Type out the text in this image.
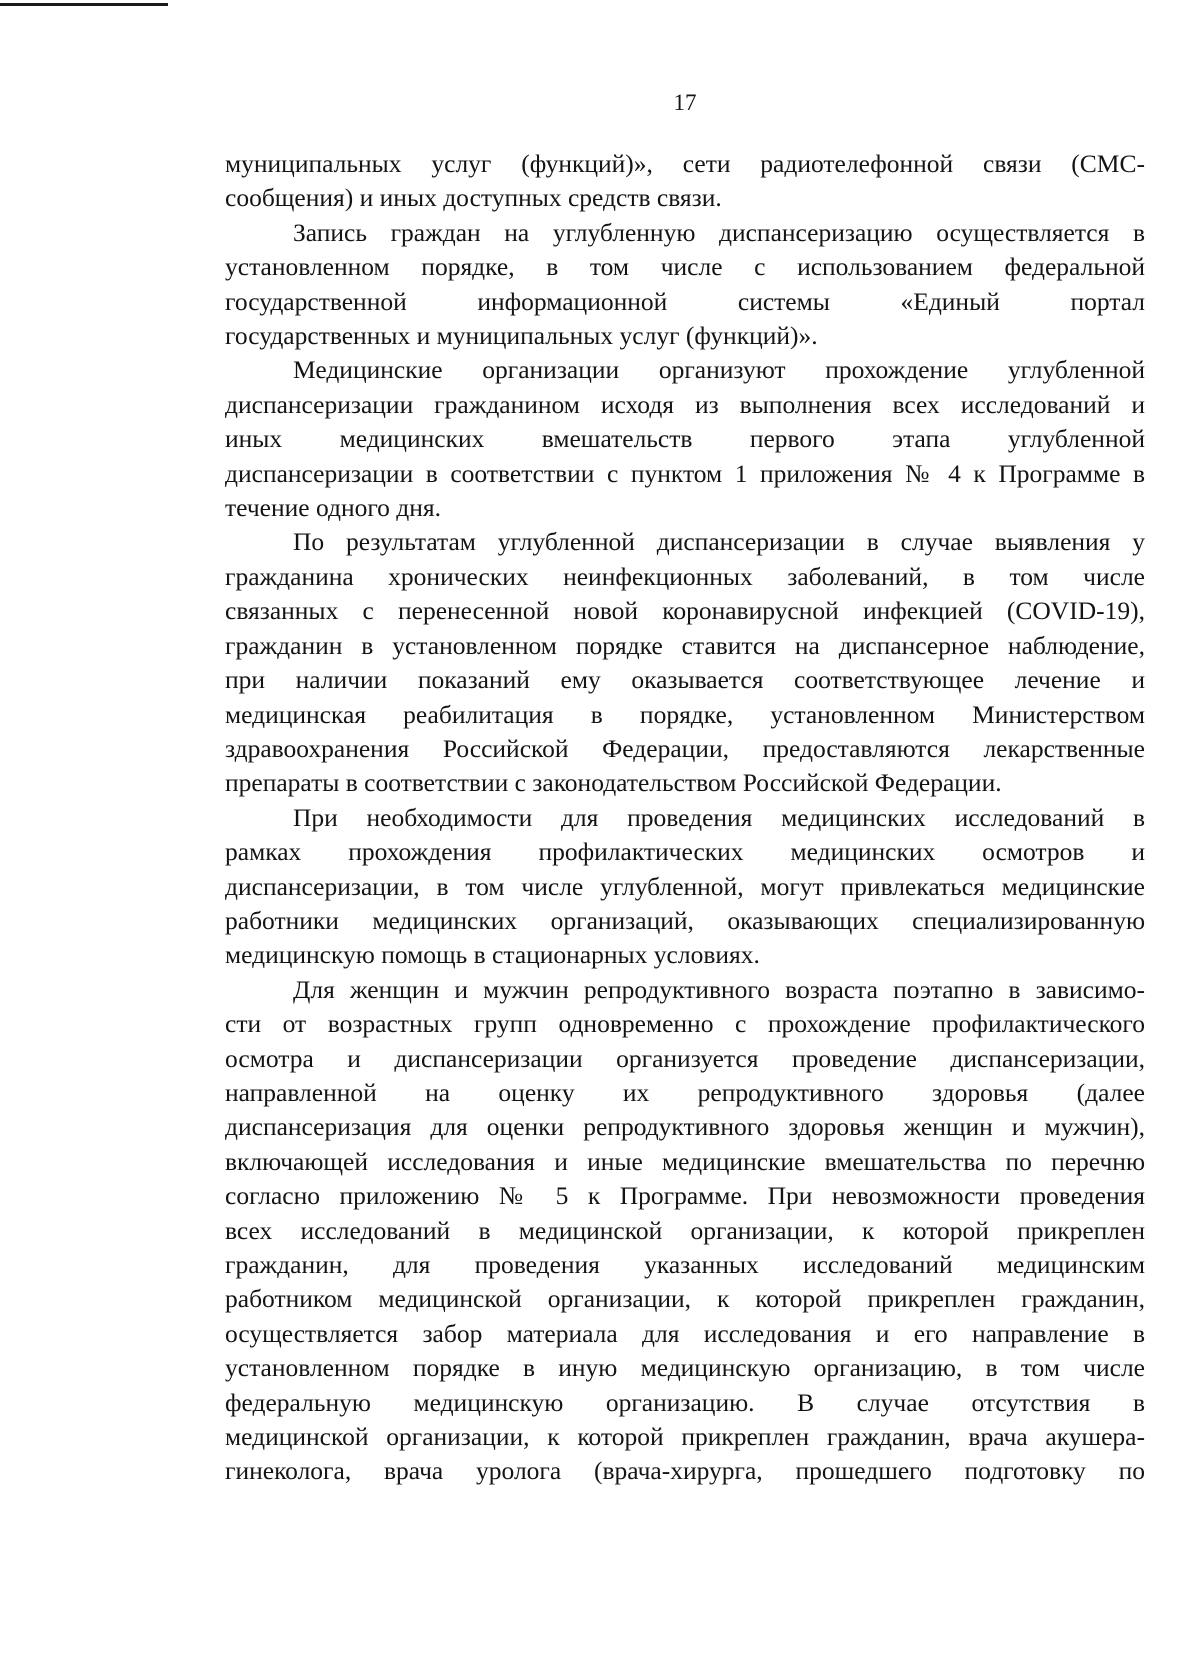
17
муниципальных услуг (функций)», сети радиотелефонной связи (СМС-
сообщения) и иных доступных средств связи.
Запись граждан на углубленную диспансеризацию осуществляется в
установленном порядке, в том числе с использованием федеральной
государственной информационной системы «Единый портал
государственных и муниципальных услуг (функций)».
Медицинские организации организуют прохождение углубленной
диспансеризации гражданином исходя из выполнения всех исследований и
иных медицинских вмешательств первого этапа углубленной
диспансеризации в соответствии с пунктом 1 приложения № 4 к Программе в
течение одного дня.
По результатам углубленной диспансеризации в случае выявления у
гражданина хронических неинфекционных заболеваний, в том числе
связанных с перенесенной новой коронавирусной инфекцией (COVID-19),
гражданин в установленном порядке ставится на диспансерное наблюдение,
при наличии показаний ему оказывается соответствующее лечение и
медицинская реабилитация в порядке, установленном Министерством
здравоохранения Российской Федерации, предоставляются лекарственные
препараты в соответствии с законодательством Российской Федерации.
При необходимости для проведения медицинских исследований в
рамках прохождения профилактических медицинских осмотров и
диспансеризации, в том числе углубленной, могут привлекаться медицинские
работники медицинских организаций, оказывающих специализированную
медицинскую помощь в стационарных условиях.
Для женщин и мужчин репродуктивного возраста поэтапно в зависимо-
сти от возрастных групп одновременно с прохождение профилактического
осмотра и диспансеризации организуется проведение диспансеризации,
направленной на оценку их репродуктивного здоровья (далее
диспансеризация для оценки репродуктивного здоровья женщин и мужчин),
включающей исследования и иные медицинские вмешательства по перечню
согласно приложению № 5 к Программе. При невозможности проведения
всех исследований в медицинской организации, к которой прикреплен
гражданин, для проведения указанных исследований медицинским
работником медицинской организации, к которой прикреплен гражданин,
осуществляется забор материала для исследования и его направление в
установленном порядке в иную медицинскую организацию, в том числе
федеральную медицинскую организацию. В случае отсутствия в
медицинской организации, к которой прикреплен гражданин, врача акушера-
гинеколога, врача уролога (врача-хирурга, прошедшего подготовку по
